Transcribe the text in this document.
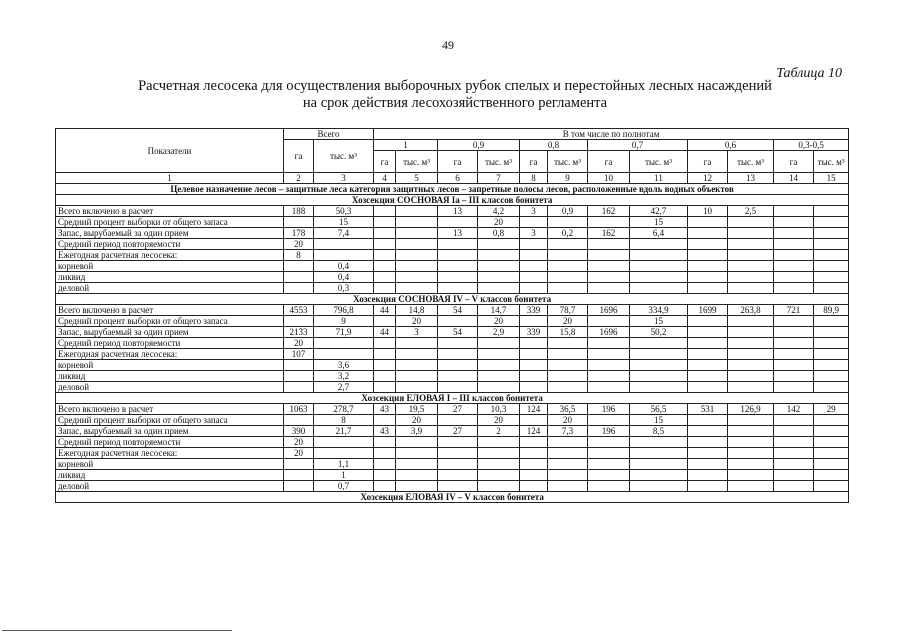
49
Таблица 10
Расчетная лесосека для осуществления выборочных рубок спелых и перестойных лесных насаждений
на срок действия лесохозяйственного регламента
Показатели	Всего		В том числе по полнотам											
	га	тыс. м³	1		0,9		0,8		0,7		0,6		0,3-0,5	
			га	тыс. м³	га	тыс. м³	га	тыс. м³	га	тыс. м³	га	тыс. м³	га	тыс. м³
1	2	3	4	5	6	7	8	9	10	11	12	13	14	15
Целевое назначение лесов – защитные леса категория защитных лесов – запретные полосы лесов, расположенные вдоль водных объектов														
Хозсекция СОСНОВАЯ Iа – III классов бонитета														
Всего включено в расчет	188	50,3			13	4,2	3	0,9	162	42,7	10	2,5		
Средний процент выборки от общего запаса		15				20				15				
Запас, вырубаемый за один прием	178	7,4			13	0,8	3	0,2	162	6,4				
Средний период повторяемости	20													
Ежегодная расчетная лесосека:	8													
корневой		0,4												
ликвид		0,4												
деловой		0,3												
Хозсекция СОСНОВАЯ IV – V классов бонитета														
Всего включено в расчет	4553	796,8	44	14,8	54	14,7	339	78,7	1696	334,9	1699	263,8	721	89,9
Средний процент выборки от общего запаса		9		20		20		20		15				
Запас, вырубаемый за один прием	2133	71,9	44	3	54	2,9	339	15,8	1696	50,2				
Средний период повторяемости	20													
Ежегодная расчетная лесосека:	107													
корневой		3,6												
ликвид		3,2												
деловой		2,7												
Хозсекция ЕЛОВАЯ I – III классов бонитета														
Всего включено в расчет	1063	278,7	43	19,5	27	10,3	124	36,5	196	56,5	531	126,9	142	29
Средний процент выборки от общего запаса		8		20		20		20		15				
Запас, вырубаемый за один прием	390	21,7	43	3,9	27	2	124	7,3	196	8,5				
Средний период повторяемости	20													
Ежегодная расчетная лесосека:	20													
корневой		1,1												
ликвид		1												
деловой		0,7												
Хозсекция ЕЛОВАЯ IV – V классов бонитета														
